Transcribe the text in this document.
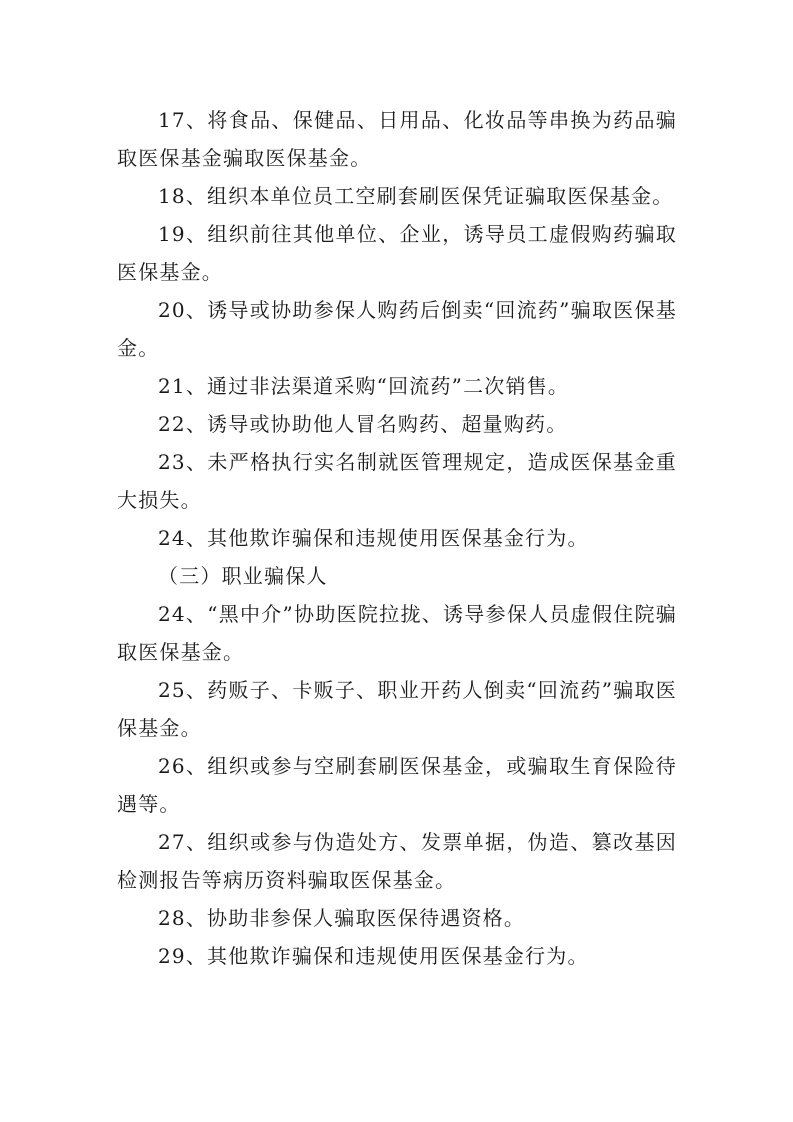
17、将食品、保健品、日用品、化妆品等串换为药品骗取医保基金骗取医保基金。

18、组织本单位员工空刷套刷医保凭证骗取医保基金。

19、组织前往其他单位、企业，诱导员工虚假购药骗取医保基金。

20、诱导或协助参保人购药后倒卖“回流药”骗取医保基金。

21、通过非法渠道采购“回流药”二次销售。

22、诱导或协助他人冒名购药、超量购药。

23、未严格执行实名制就医管理规定，造成医保基金重大损失。

24、其他欺诈骗保和违规使用医保基金行为。

（三）职业骗保人

24、“黑中介”协助医院拉拢、诱导参保人员虚假住院骗取医保基金。

25、药贩子、卡贩子、职业开药人倒卖“回流药”骗取医保基金。

26、组织或参与空刷套刷医保基金，或骗取生育保险待遇等。

27、组织或参与伪造处方、发票单据，伪造、篡改基因检测报告等病历资料骗取医保基金。

28、协助非参保人骗取医保待遇资格。

29、其他欺诈骗保和违规使用医保基金行为。
